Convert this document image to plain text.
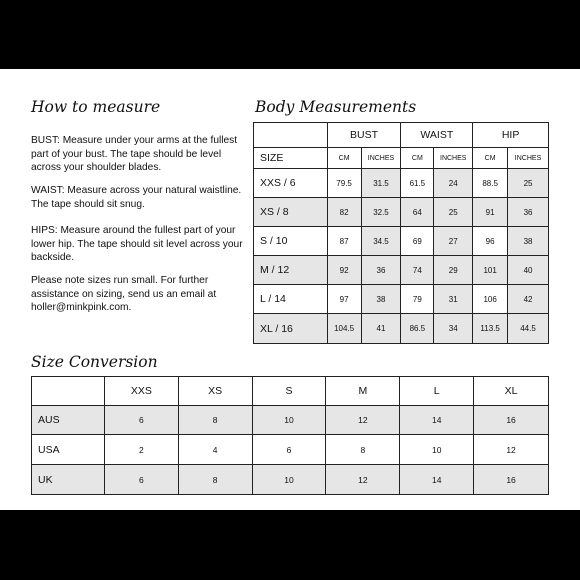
How to measure

BUST: Measure under your arms at the fullest part of your bust. The tape should be level across your shoulder blades.

WAIST: Measure across your natural waistline. The tape should sit snug.

HIPS: Measure around the fullest part of your lower hip. The tape should sit level across your backside.

Please note sizes run small. For further assistance on sizing, send us an email at holler@minkpink.com.

Body Measurements
	BUST		WAIST		HIP	
SIZE	CM	INCHES	CM	INCHES	CM	INCHES
XXS / 6	79.5	31.5	61.5	24	88.5	25
XS / 8	82	32.5	64	25	91	36
S / 10	87	34.5	69	27	96	38
M / 12	92	36	74	29	101	40
L / 14	97	38	79	31	106	42
XL / 16	104.5	41	86.5	34	113.5	44.5
Size Conversion
	XXS	XS	S	M	L	XL
AUS	6	8	10	12	14	16
USA	2	4	6	8	10	12
UK	6	8	10	12	14	16
